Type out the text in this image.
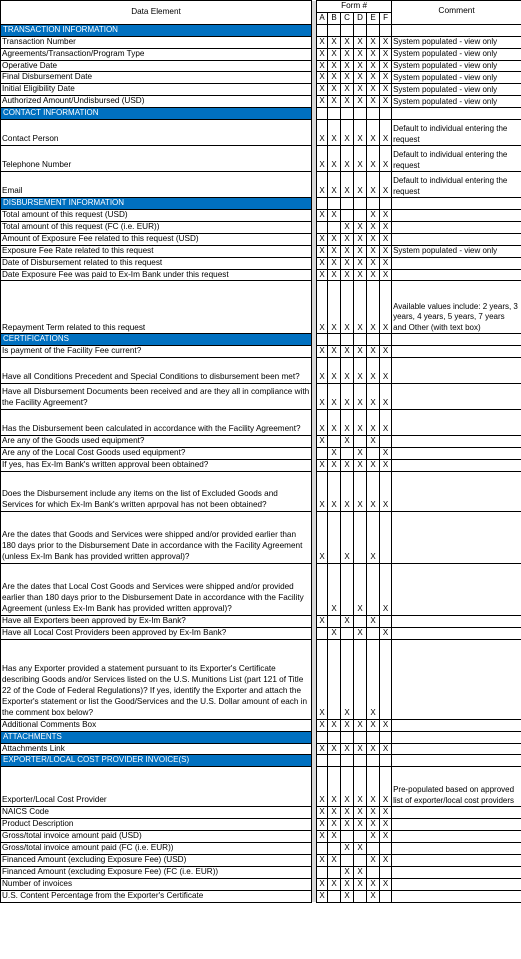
Data Element		Form #						Comment
		A	B	C	D	E	F	
TRANSACTION INFORMATION								
Transaction Number		X	X	X	X	X	X	System populated - view only
Agreements/Transaction/Program Type		X	X	X	X	X	X	System populated - view only
Operative Date		X	X	X	X	X	X	System populated - view only
Final Disbursement Date		X	X	X	X	X	X	System populated - view only
Initial Eligibility Date		X	X	X	X	X	X	System populated - view only
Authorized Amount/Undisbursed (USD)		X	X	X	X	X	X	System populated - view only
CONTACT INFORMATION								
Contact Person		X	X	X	X	X	X	Default to individual entering the request
Telephone Number		X	X	X	X	X	X	Default to individual entering the request
Email		X	X	X	X	X	X	Default to individual entering the request
DISBURSEMENT INFORMATION								
Total amount of this request (USD)		X	X			X	X	
Total amount of this request (FC (i.e. EUR))				X	X	X	X	
Amount of Exposure Fee related to this request (USD)		X	X	X	X	X	X	
Exposure Fee Rate related to this request		X	X	X	X	X	X	System populated - view only
Date of Disbursement related to this request		X	X	X	X	X	X	
Date Exposure Fee was paid to Ex-Im Bank under this request		X	X	X	X	X	X	
Repayment Term related to this request		X	X	X	X	X	X	Available values include: 2 years, 3 years, 4 years, 5 years, 7 years and Other (with text box)
CERTIFICATIONS								
Is payment of the Facility Fee current?		X	X	X	X	X	X	
Have all Conditions Precedent and Special Conditions to disbursement been met?		X	X	X	X	X	X	
Have all Disbursement Documents been received and are they all in compliance with the Facility Agreement?		X	X	X	X	X	X	
Has the Disbursement been calculated in accordance with the Facility Agreement?		X	X	X	X	X	X	
Are any of the Goods used equipment?		X		X		X		
Are any of the Local Cost Goods used equipment?			X		X		X	
If yes, has Ex-Im Bank's written approval been obtained?		X	X	X	X	X	X	
Does the Disbursement include any items on the list of Excluded Goods and Services for which Ex-Im Bank's written aprpoval has not been obtained?		X	X	X	X	X	X	
Are the dates that Goods and Services were shipped and/or provided earlier than 180 days prior to the Disbursement Date in accordance with the Facility Agreement (unless Ex-Im Bank has provided written approval)?		X		X		X		
Are the dates that Local Cost Goods and Services were shipped and/or provided earlier than 180 days prior to the Disbursement Date in accordance with the Facility Agreement (unless Ex-Im Bank has provided written approval)?			X		X		X	
Have all Exporters been approved by Ex-Im Bank?		X		X		X		
Have all Local Cost Providers been approved by Ex-Im Bank?			X		X		X	
Has any Exporter provided a statement pursuant to its Exporter's Certificate describing Goods and/or Services listed on the U.S. Munitions List (part 121 of Title 22 of the Code of Federal Regulations)? If yes, identify the Exporter and attach the Exporter's statement or list the Good/Services and the U.S. Dollar amount of each in the comment box below?		X		X		X		
Additional Comments Box		X	X	X	X	X	X	
ATTACHMENTS								
Attachments Link		X	X	X	X	X	X	
EXPORTER/LOCAL COST PROVIDER INVOICE(S)								
Exporter/Local Cost Provider		X	X	X	X	X	X	Pre-populated based on approved list of exporter/local cost providers
NAICS Code		X	X	X	X	X	X	
Product Description		X	X	X	X	X	X	
Gross/total invoice amount paid (USD)		X	X			X	X	
Gross/total invoice amount paid (FC (i.e. EUR))				X	X			
Financed Amount (excluding Exposure Fee) (USD)		X	X			X	X	
Financed Amount (excluding Exposure Fee) (FC (i.e. EUR))				X	X			
Number of invoices		X	X	X	X	X	X	
U.S. Content Percentage from the Exporter's Certificate		X		X		X		
